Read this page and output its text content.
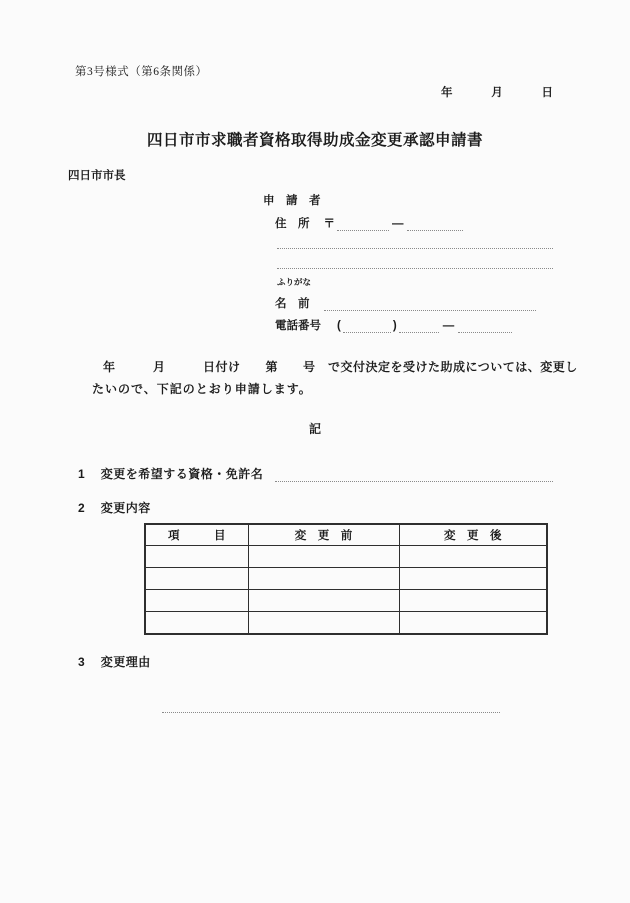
第3号様式（第6条関係）
年	月	日
四日市市求職者資格取得助成金変更承認申請書
四日市市長
申　請　者
住　所 〒	―
ふりがな
名　前
電話番号 (	)	―
年　　　月　　　日付け　　第　　号　で交付決定を受けた助成については、変更し
たいので、下記のとおり申請します。
記
1 変更を希望する資格・免許名
2 変更内容
項　　　目	変　更　前	変　更　後

3 変更理由
